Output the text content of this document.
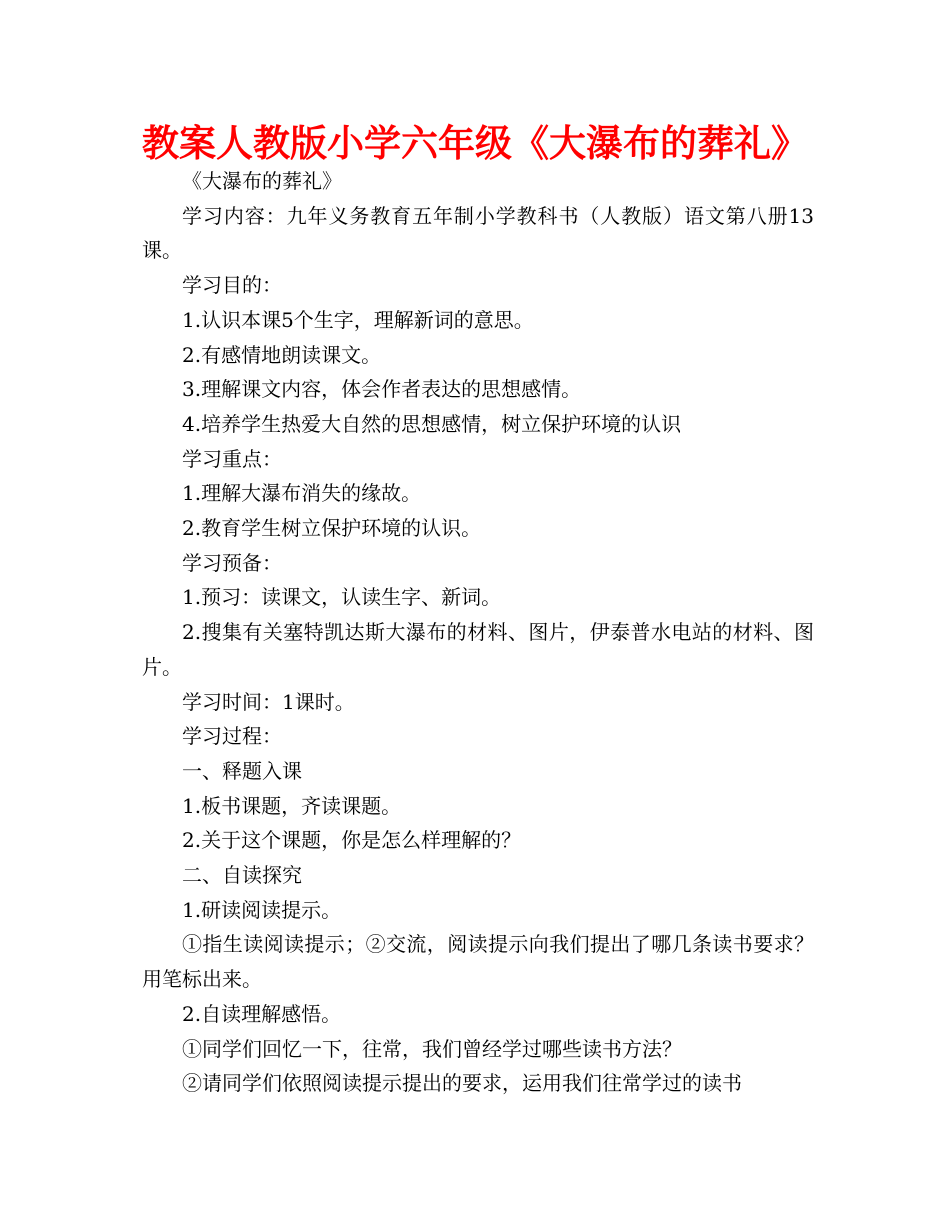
教案人教版小学六年级《大瀑布的葬礼》

《大瀑布的葬礼》

学习内容：九年义务教育五年制小学教科书（人教版）语文第八册13课。

学习目的：

1.认识本课5个生字，理解新词的意思。

2.有感情地朗读课文。

3.理解课文内容，体会作者表达的思想感情。

4.培养学生热爱大自然的思想感情，树立保护环境的认识

学习重点：

1.理解大瀑布消失的缘故。

2.教育学生树立保护环境的认识。

学习预备：

1.预习：读课文，认读生字、新词。

2.搜集有关塞特凯达斯大瀑布的材料、图片，伊泰普水电站的材料、图片。

学习时间：1课时。

学习过程：

一、释题入课

1.板书课题，齐读课题。

2.关于这个课题，你是怎么样理解的？

二、自读探究

1.研读阅读提示。

①指生读阅读提示；②交流，阅读提示向我们提出了哪几条读书要求？用笔标出来。

2.自读理解感悟。

①同学们回忆一下，往常，我们曾经学过哪些读书方法？

②请同学们依照阅读提示提出的要求，运用我们往常学过的读书
